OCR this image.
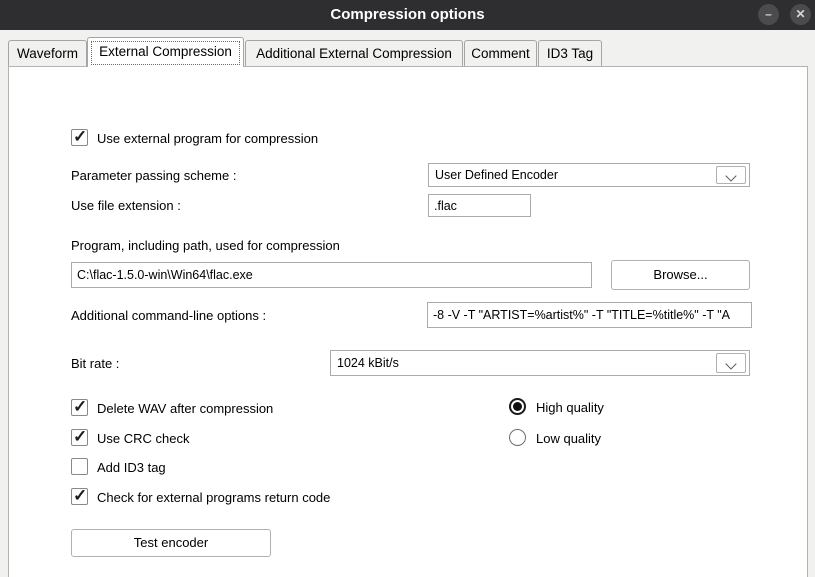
Compression options	–	✕
Waveform	External Compression	Additional External Compression	Comment	ID3 Tag
✓
Use external program for compression
Parameter passing scheme :	User Defined Encoder
Use file extension :
.flac
Program, including path, used for compression
C:\flac-1.5.0-win\Win64\flac.exe
Browse...
Additional command-line options :
-8 -V -T "ARTIST=%artist%" -T "TITLE=%title%" -T "A
Bit rate :	1024 kBit/s
✓
Delete WAV after compression
✓
Use CRC check
Add ID3 tag
✓
Check for external programs return code
High quality
Low quality
Test encoder
